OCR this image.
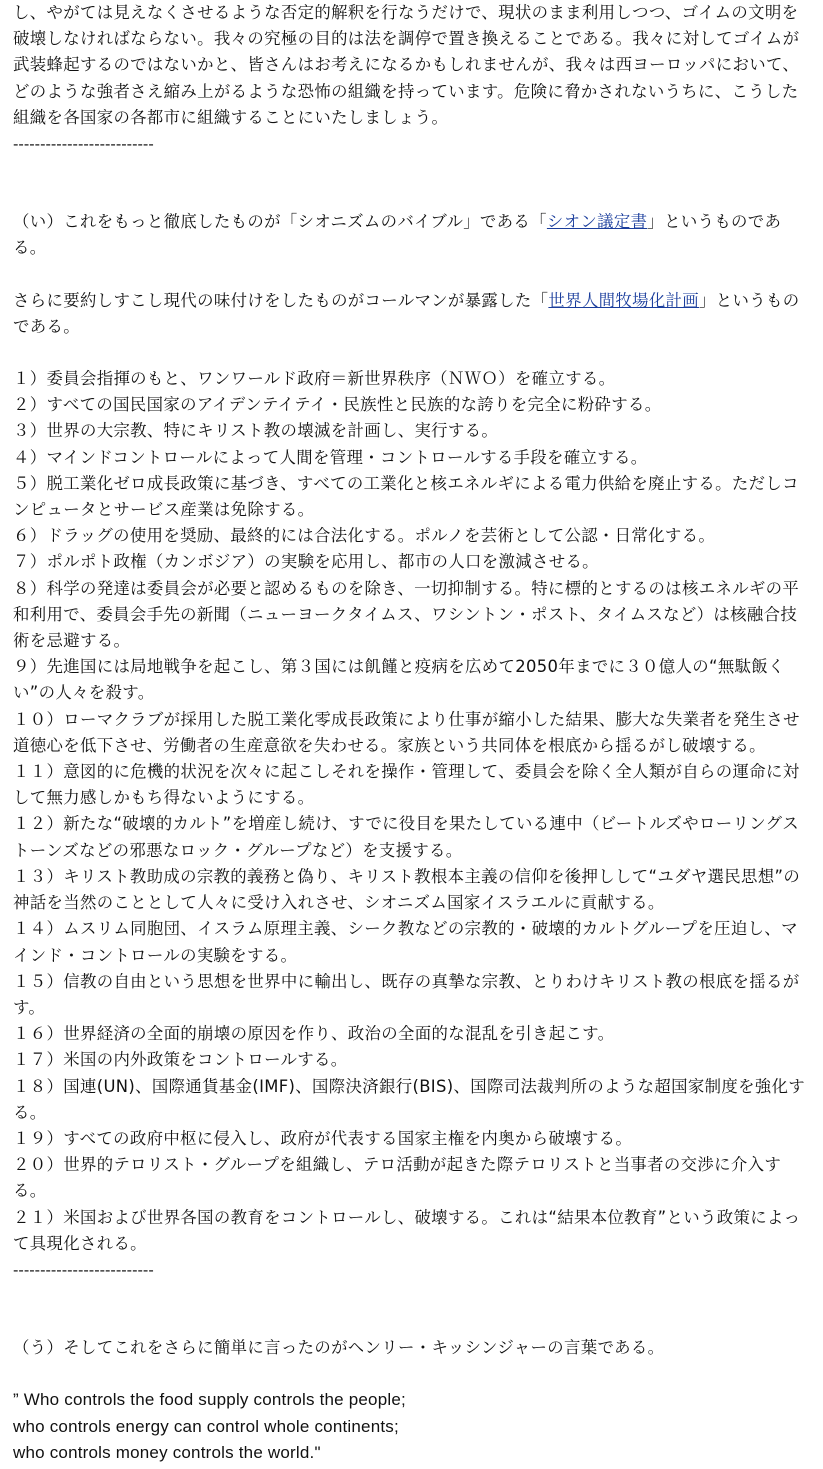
し、やがては見えなくさせるような否定的解釈を行なうだけで、現状のまま利用しつつ、ゴイムの文明を破壊しなければならない。我々の究極の目的は法を調停で置き換えることである。我々に対してゴイムが武装蜂起するのではないかと、皆さんはお考えになるかもしれませんが、我々は西ヨーロッパにおいて、どのような強者さえ縮み上がるような恐怖の組織を持っています。危険に脅かされないうちに、こうした組織を各国家の各都市に組織することにいたしましょう。

--------------------------

（い）これをもっと徹底したものが「シオニズムのバイブル」である「シオン議定書」というものである。

さらに要約しすこし現代の味付けをしたものがコールマンが暴露した「世界人間牧場化計画」というものである。

１）委員会指揮のもと、ワンワールド政府＝新世界秩序（ＮＷＯ）を確立する。

２）すべての国民国家のアイデンテイテイ・民族性と民族的な誇りを完全に粉砕する。

３）世界の大宗教、特にキリスト教の壊滅を計画し、実行する。

４）マインドコントロールによって人間を管理・コントロールする手段を確立する。

５）脱工業化ゼロ成長政策に基づき、すべての工業化と核エネルギによる電力供給を廃止する。ただしコンピュータとサービス産業は免除する。

６）ドラッグの使用を奨励、最終的には合法化する。ポルノを芸術として公認・日常化する。

７）ポルポト政権（カンボジア）の実験を応用し、都市の人口を激減させる。

８）科学の発達は委員会が必要と認めるものを除き、一切抑制する。特に標的とするのは核エネルギの平和利用で、委員会手先の新聞（ニューヨークタイムス、ワシントン・ポスト、タイムスなど）は核融合技術を忌避する。

９）先進国には局地戦争を起こし、第３国には飢饉と疫病を広めて2050年までに３０億人の“無駄飯くい”の人々を殺す。

１０）ローマクラブが採用した脱工業化零成長政策により仕事が縮小した結果、膨大な失業者を発生させ道徳心を低下させ、労働者の生産意欲を失わせる。家族という共同体を根底から揺るがし破壊する。

１１）意図的に危機的状況を次々に起こしそれを操作・管理して、委員会を除く全人類が自らの運命に対して無力感しかもち得ないようにする。

１２）新たな“破壊的カルト”を増産し続け、すでに役目を果たしている連中（ビートルズやローリングストーンズなどの邪悪なロック・グループなど）を支援する。

１３）キリスト教助成の宗教的義務と偽り、キリスト教根本主義の信仰を後押しして“ユダヤ選民思想”の神話を当然のこととして人々に受け入れさせ、シオニズム国家イスラエルに貢献する。

１４）ムスリム同胞団、イスラム原理主義、シーク教などの宗教的・破壊的カルトグループを圧迫し、マインド・コントロールの実験をする。

１５）信教の自由という思想を世界中に輸出し、既存の真摯な宗教、とりわけキリスト教の根底を揺るがす。

１６）世界経済の全面的崩壊の原因を作り、政治の全面的な混乱を引き起こす。

１７）米国の内外政策をコントロールする。

１８）国連(UN)、国際通貨基金(IMF)、国際決済銀行(BIS)、国際司法裁判所のような超国家制度を強化する。

１９）すべての政府中枢に侵入し、政府が代表する国家主権を内奥から破壊する。

２０）世界的テロリスト・グループを組織し、テロ活動が起きた際テロリストと当事者の交渉に介入する。

２１）米国および世界各国の教育をコントロールし、破壊する。これは“結果本位教育”という政策によって具現化される。

--------------------------

（う）そしてこれをさらに簡単に言ったのがヘンリー・キッシンジャーの言葉である。

” Who controls the food supply controls the people;

who controls energy can control whole continents;

who controls money controls the world."
